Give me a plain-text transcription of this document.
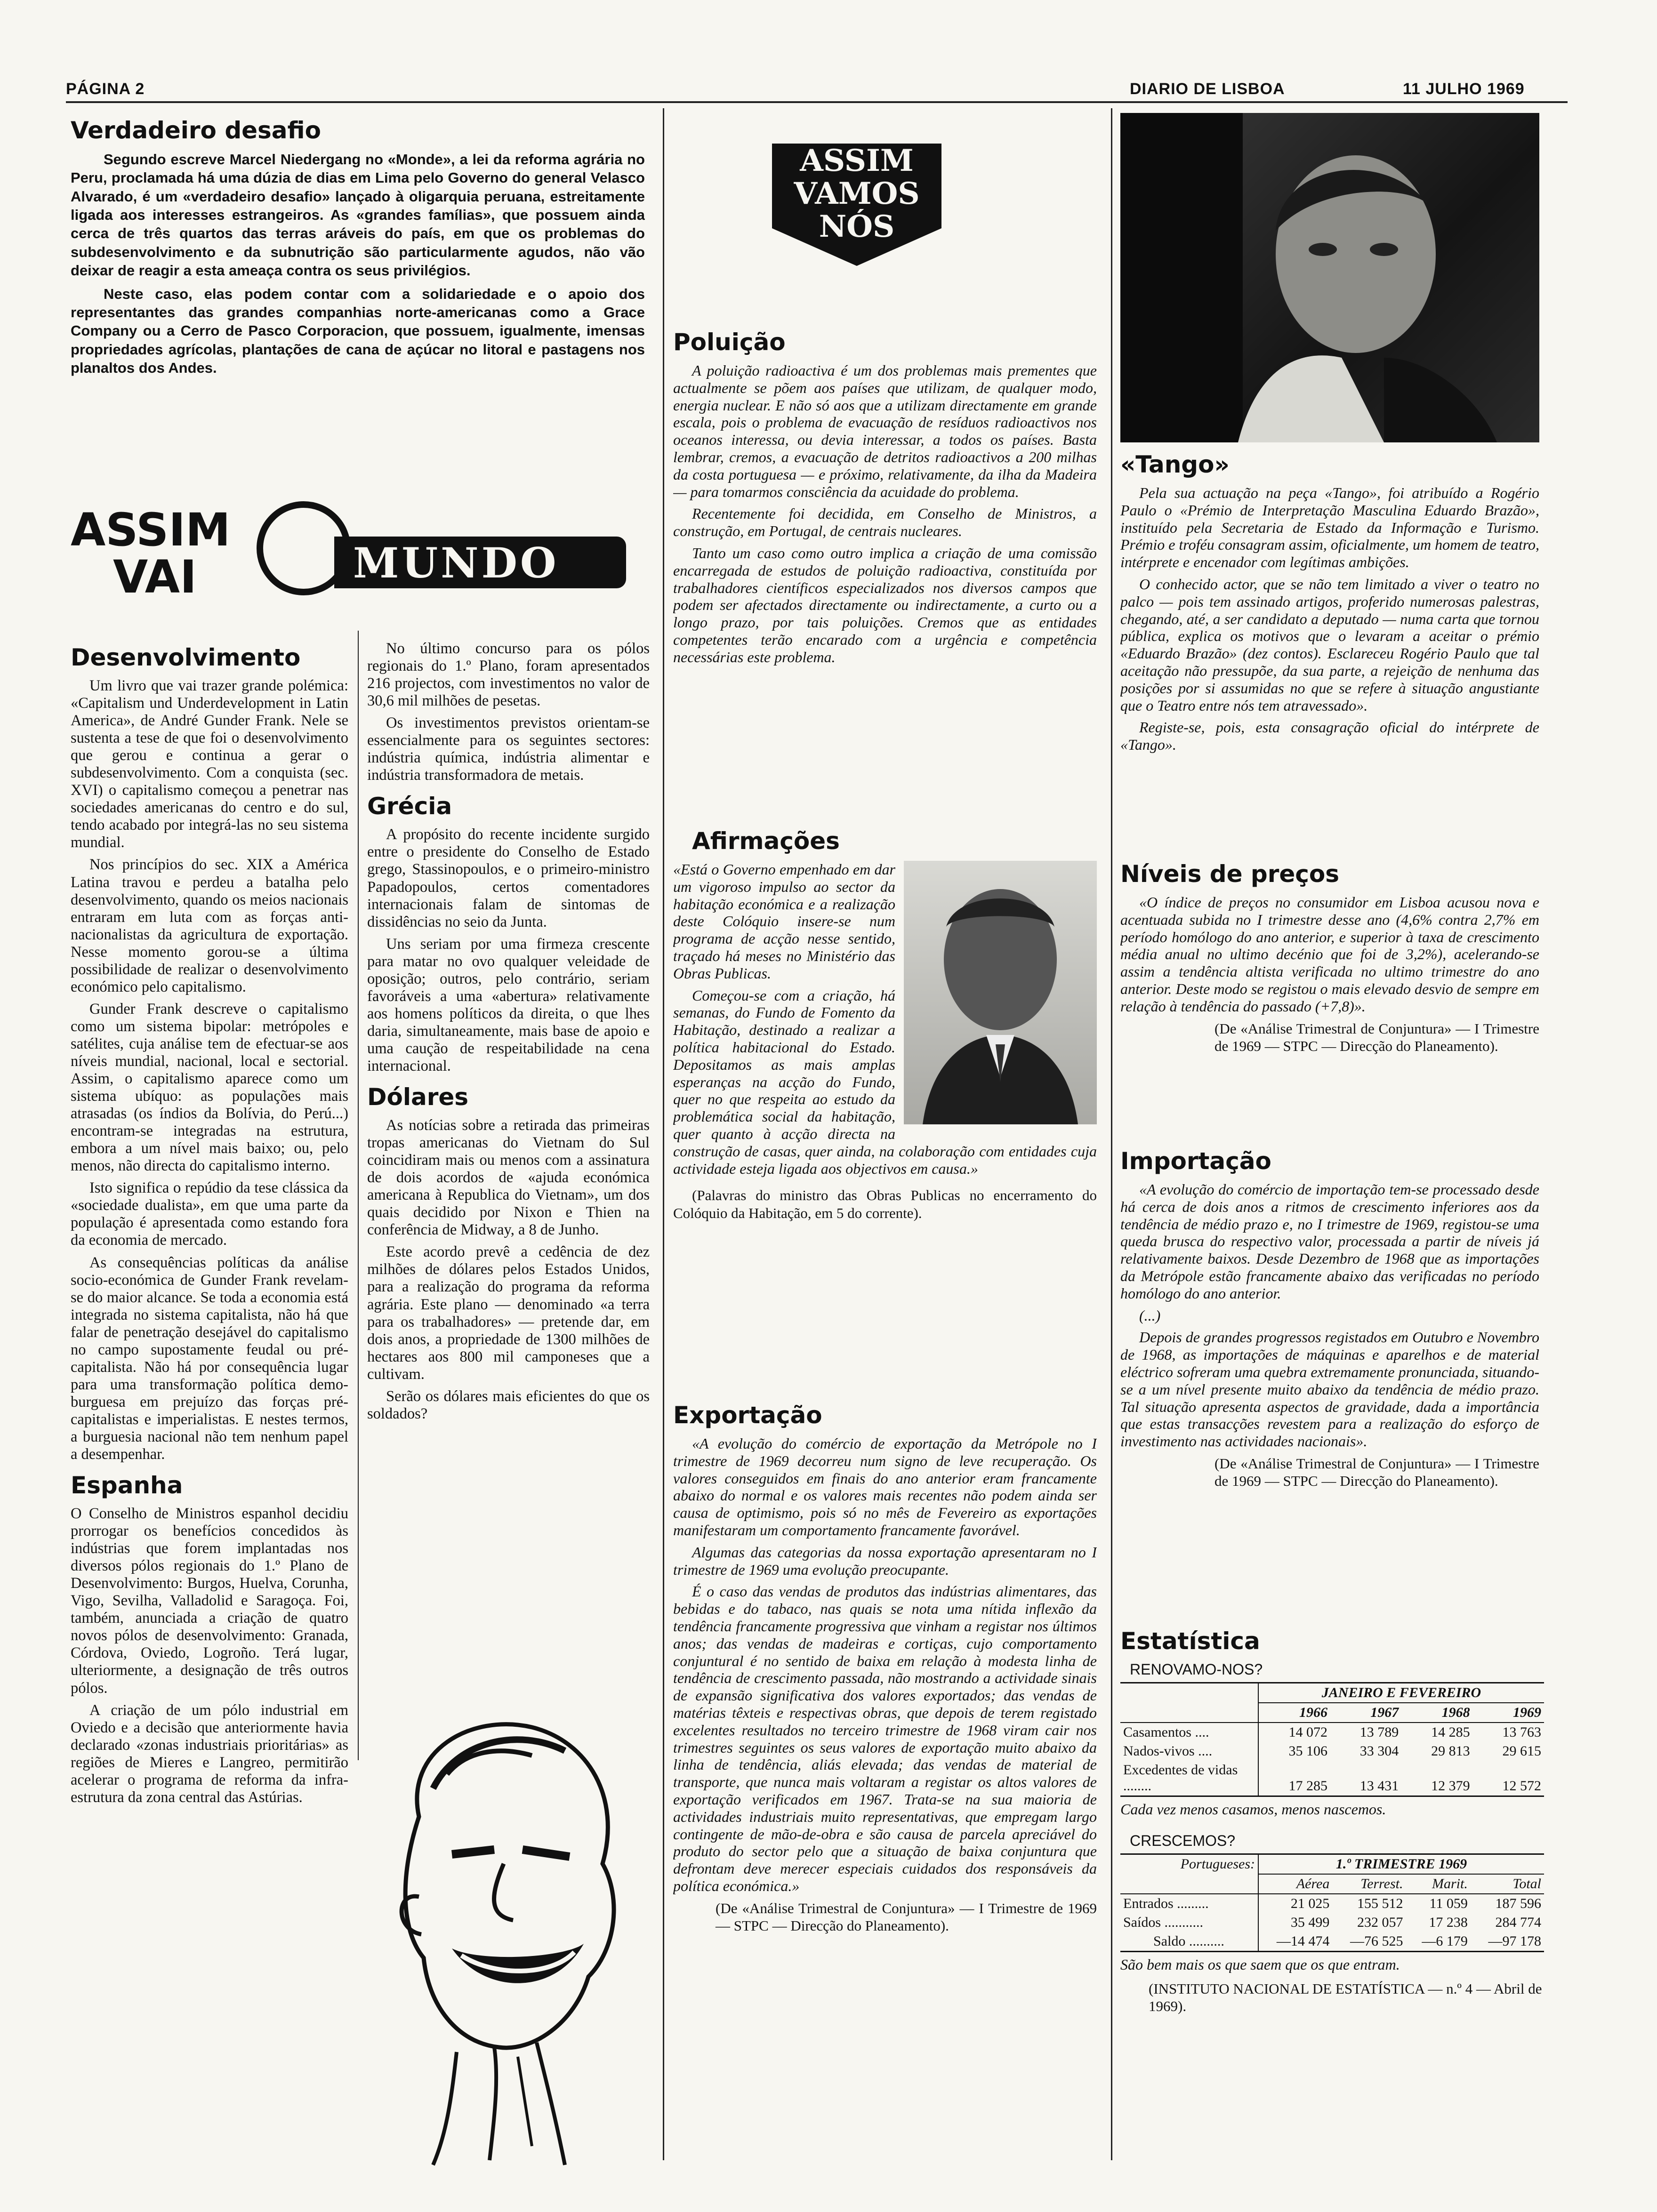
PÁGINA 2	DIARIO DE LISBOA	11 JULHO 1969
Verdadeiro desafio

Segundo escreve Marcel Niedergang no «Monde», a lei da reforma agrária no Peru, proclamada há uma dúzia de dias em Lima pelo Governo do general Velasco Alvarado, é um «verdadeiro desafio» lançado à oligarquia peruana, estreitamente ligada aos interesses estrangeiros. As «grandes famílias», que possuem ainda cerca de três quartos das terras aráveis do país, em que os problemas do subdesenvolvimento e da subnutrição são particularmente agudos, não vão deixar de reagir a esta ameaça contra os seus privilégios.

Neste caso, elas podem contar com a solidariedade e o apoio dos representantes das grandes companhias norte-americanas como a Grace Company ou a Cerro de Pasco Corporacion, que possuem, igualmente, imensas propriedades agrícolas, plantações de cana de açúcar no litoral e pastagens nos planaltos dos Andes.

ASSIM
VAI	MUNDO
Desenvolvimento

Um livro que vai trazer grande polémica: «Capitalism und Underdevelopment in Latin America», de André Gunder Frank. Nele se sustenta a tese de que foi o desenvolvimento que gerou e continua a gerar o subdesenvolvimento. Com a conquista (sec. XVI) o capitalismo começou a penetrar nas sociedades americanas do centro e do sul, tendo acabado por integrá-las no seu sistema mundial.

Nos princípios do sec. XIX a América Latina travou e perdeu a batalha pelo desenvolvimento, quando os meios nacionais entraram em luta com as forças anti-nacionalistas da agricultura de exportação. Nesse momento gorou-se a última possibilidade de realizar o desenvolvimento económico pelo capitalismo.

Gunder Frank descreve o capitalismo como um sistema bipolar: metrópoles e satélites, cuja análise tem de efectuar-se aos níveis mundial, nacional, local e sectorial. Assim, o capitalismo aparece como um sistema ubíquo: as populações mais atrasadas (os índios da Bolívia, do Perú...) encontram-se integradas na estrutura, embora a um nível mais baixo; ou, pelo menos, não directa do capitalismo interno.

Isto significa o repúdio da tese clássica da «sociedade dualista», em que uma parte da população é apresentada como estando fora da economia de mercado.

As consequências políticas da análise socio-económica de Gunder Frank revelam-se do maior alcance. Se toda a economia está integrada no sistema capitalista, não há que falar de penetração desejável do capitalismo no campo supostamente feudal ou pré-capitalista. Não há por consequência lugar para uma transformação política demo-burguesa em prejuízo das forças pré-capitalistas e imperialistas. E nestes termos, a burguesia nacional não tem nenhum papel a desempenhar.

Espanha

O Conselho de Ministros espanhol decidiu prorrogar os benefícios concedidos às indústrias que forem implantadas nos diversos pólos regionais do 1.º Plano de Desenvolvimento: Burgos, Huelva, Corunha, Vigo, Sevilha, Valladolid e Saragoça. Foi, também, anunciada a criação de quatro novos pólos de desenvolvimento: Granada, Córdova, Oviedo, Logroño. Terá lugar, ulteriormente, a designação de três outros pólos.

A criação de um pólo industrial em Oviedo e a decisão que anteriormente havia declarado «zonas industriais prioritárias» as regiões de Mieres e Langreo, permitirão acelerar o programa de reforma da infra-estrutura da zona central das Astúrias.

No último concurso para os pólos regionais do 1.º Plano, foram apresentados 216 projectos, com investimentos no valor de 30,6 mil milhões de pesetas.

Os investimentos previstos orientam-se essencialmente para os seguintes sectores: indústria química, indústria alimentar e indústria transformadora de metais.

Grécia

A propósito do recente incidente surgido entre o presidente do Conselho de Estado grego, Stassinopoulos, e o primeiro-ministro Papadopoulos, certos comentadores internacionais falam de sintomas de dissidências no seio da Junta.

Uns seriam por uma firmeza crescente para matar no ovo qualquer veleidade de oposição; outros, pelo contrário, seriam favoráveis a uma «abertura» relativamente aos homens políticos da direita, o que lhes daria, simultaneamente, mais base de apoio e uma caução de respeitabilidade na cena internacional.

Dólares

As notícias sobre a retirada das primeiras tropas americanas do Vietnam do Sul coincidiram mais ou menos com a assinatura de dois acordos de «ajuda económica americana à Republica do Vietnam», um dos quais decidido por Nixon e Thien na conferência de Midway, a 8 de Junho.

Este acordo prevê a cedência de dez milhões de dólares pelos Estados Unidos, para a realização do programa da reforma agrária. Este plano — denominado «a terra para os trabalhadores» — pretende dar, em dois anos, a propriedade de 1300 milhões de hectares aos 800 mil camponeses que a cultivam.

Serão os dólares mais eficientes do que os soldados?

ASSIM
VAMOS
NÓS
Poluição

A poluição radioactiva é um dos problemas mais prementes que actualmente se põem aos países que utilizam, de qualquer modo, energia nuclear. E não só aos que a utilizam directamente em grande escala, pois o problema de evacuação de resíduos radioactivos nos oceanos interessa, ou devia interessar, a todos os países. Basta lembrar, cremos, a evacuação de detritos radioactivos a 200 milhas da costa portuguesa — e próximo, relativamente, da ilha da Madeira — para tomarmos consciência da acuidade do problema.

Recentemente foi decidida, em Conselho de Ministros, a construção, em Portugal, de centrais nucleares.

Tanto um caso como outro implica a criação de uma comissão encarregada de estudos de poluição radioactiva, constituída por trabalhadores científicos especializados nos diversos campos que podem ser afectados directamente ou indirectamente, a curto ou a longo prazo, por tais poluições. Cremos que as entidades competentes terão encarado com a urgência e competência necessárias este problema.

Afirmações

«Está o Governo empenhado em dar um vigoroso impulso ao sector da habitação económica e a realização deste Colóquio insere-se num programa de acção nesse sentido, traçado há meses no Ministério das Obras Publicas.

Começou-se com a criação, há semanas, do Fundo de Fomento da Habitação, destinado a realizar a política habitacional do Estado. Depositamos as mais amplas esperanças na acção do Fundo, quer no que respeita ao estudo da problemática social da habitação, quer quanto à acção directa na construção de casas, quer ainda, na colaboração com entidades cuja actividade esteja ligada aos objectivos em causa.»

(Palavras do ministro das Obras Publicas no encerramento do Colóquio da Habitação, em 5 do corrente).

Exportação

«A evolução do comércio de exportação da Metrópole no I trimestre de 1969 decorreu num signo de leve recuperação. Os valores conseguidos em finais do ano anterior eram francamente abaixo do normal e os valores mais recentes não podem ainda ser causa de optimismo, pois só no mês de Fevereiro as exportações manifestaram um comportamento francamente favorável.

Algumas das categorias da nossa exportação apresentaram no I trimestre de 1969 uma evolução preocupante.

É o caso das vendas de produtos das indústrias alimentares, das bebidas e do tabaco, nas quais se nota uma nítida inflexão da tendência francamente progressiva que vinham a registar nos últimos anos; das vendas de madeiras e cortiças, cujo comportamento conjuntural é no sentido de baixa em relação à modesta linha de tendência de crescimento passada, não mostrando a actividade sinais de expansão significativa dos valores exportados; das vendas de matérias têxteis e respectivas obras, que depois de terem registado excelentes resultados no terceiro trimestre de 1968 viram cair nos trimestres seguintes os seus valores de exportação muito abaixo da linha de tendência, aliás elevada; das vendas de material de transporte, que nunca mais voltaram a registar os altos valores de exportação verificados em 1967. Trata-se na sua maioria de actividades industriais muito representativas, que empregam largo contingente de mão-de-obra e são causa de parcela apreciável do produto do sector pelo que a situação de baixa conjuntura que defrontam deve merecer especiais cuidados dos responsáveis da política económica.»

(De «Análise Trimestral de Conjuntura» — I Trimestre de 1969 — STPC — Direcção do Planeamento).

«Tango»

Pela sua actuação na peça «Tango», foi atribuído a Rogério Paulo o «Prémio de Interpretação Masculina Eduardo Brazão», instituído pela Secretaria de Estado da Informação e Turismo. Prémio e troféu consagram assim, oficialmente, um homem de teatro, intérprete e encenador com legítimas ambições.

O conhecido actor, que se não tem limitado a viver o teatro no palco — pois tem assinado artigos, proferido numerosas palestras, chegando, até, a ser candidato a deputado — numa carta que tornou pública, explica os motivos que o levaram a aceitar o prémio «Eduardo Brazão» (dez contos). Esclareceu Rogério Paulo que tal aceitação não pressupõe, da sua parte, a rejeição de nenhuma das posições por si assumidas no que se refere à situação angustiante que o Teatro entre nós tem atravessado».

Registe-se, pois, esta consagração oficial do intérprete de «Tango».

Níveis de preços

«O índice de preços no consumidor em Lisboa acusou nova e acentuada subida no I trimestre desse ano (4,6% contra 2,7% em período homólogo do ano anterior, e superior à taxa de crescimento média anual no ultimo decénio que foi de 3,2%), acelerando-se assim a tendência altista verificada no ultimo trimestre do ano anterior. Deste modo se registou o mais elevado desvio de sempre em relação à tendência do passado (+7,8)».

(De «Análise Trimestral de Conjuntura» — I Trimestre de 1969 — STPC — Direcção do Planeamento).

Importação

«A evolução do comércio de importação tem-se processado desde há cerca de dois anos a ritmos de crescimento inferiores aos da tendência de médio prazo e, no I trimestre de 1969, registou-se uma queda brusca do respectivo valor, processada a partir de níveis já relativamente baixos. Desde Dezembro de 1968 que as importações da Metrópole estão francamente abaixo das verificadas no período homólogo do ano anterior.

(...)

Depois de grandes progressos registados em Outubro e Novembro de 1968, as importações de máquinas e aparelhos e de material eléctrico sofreram uma quebra extremamente pronunciada, situando-se a um nível presente muito abaixo da tendência de médio prazo. Tal situação apresenta aspectos de gravidade, dada a importância que estas transacções revestem para a realização do esforço de investimento nas actividades nacionais».

(De «Análise Trimestral de Conjuntura» — I Trimestre de 1969 — STPC — Direcção do Planeamento).

Estatística
RENOVAMO-NOS?
	JANEIRO E FEVEREIRO			
	1966	1967	1968	1969
Casamentos ....	14 072	13 789	14 285	13 763
Nados-vivos ....	35 106	33 304	29 813	29 615
Excedentes de vidas ........	17 285	13 431	12 379	12 572
Cada vez menos casamos, menos nascemos.
CRESCEMOS?
Portugueses:	1.º TRIMESTRE 1969			
	Aérea	Terrest.	Marit.	Total
Entrados .........	21 025	155 512	11 059	187 596
Saídos ...........	35 499	232 057	17 238	284 774
Saldo ..........	—14 474	—76 525	—6 179	—97 178
São bem mais os que saem que os que entram.
(INSTITUTO NACIONAL DE ESTATÍSTICA — n.º 4 — Abril de 1969).
